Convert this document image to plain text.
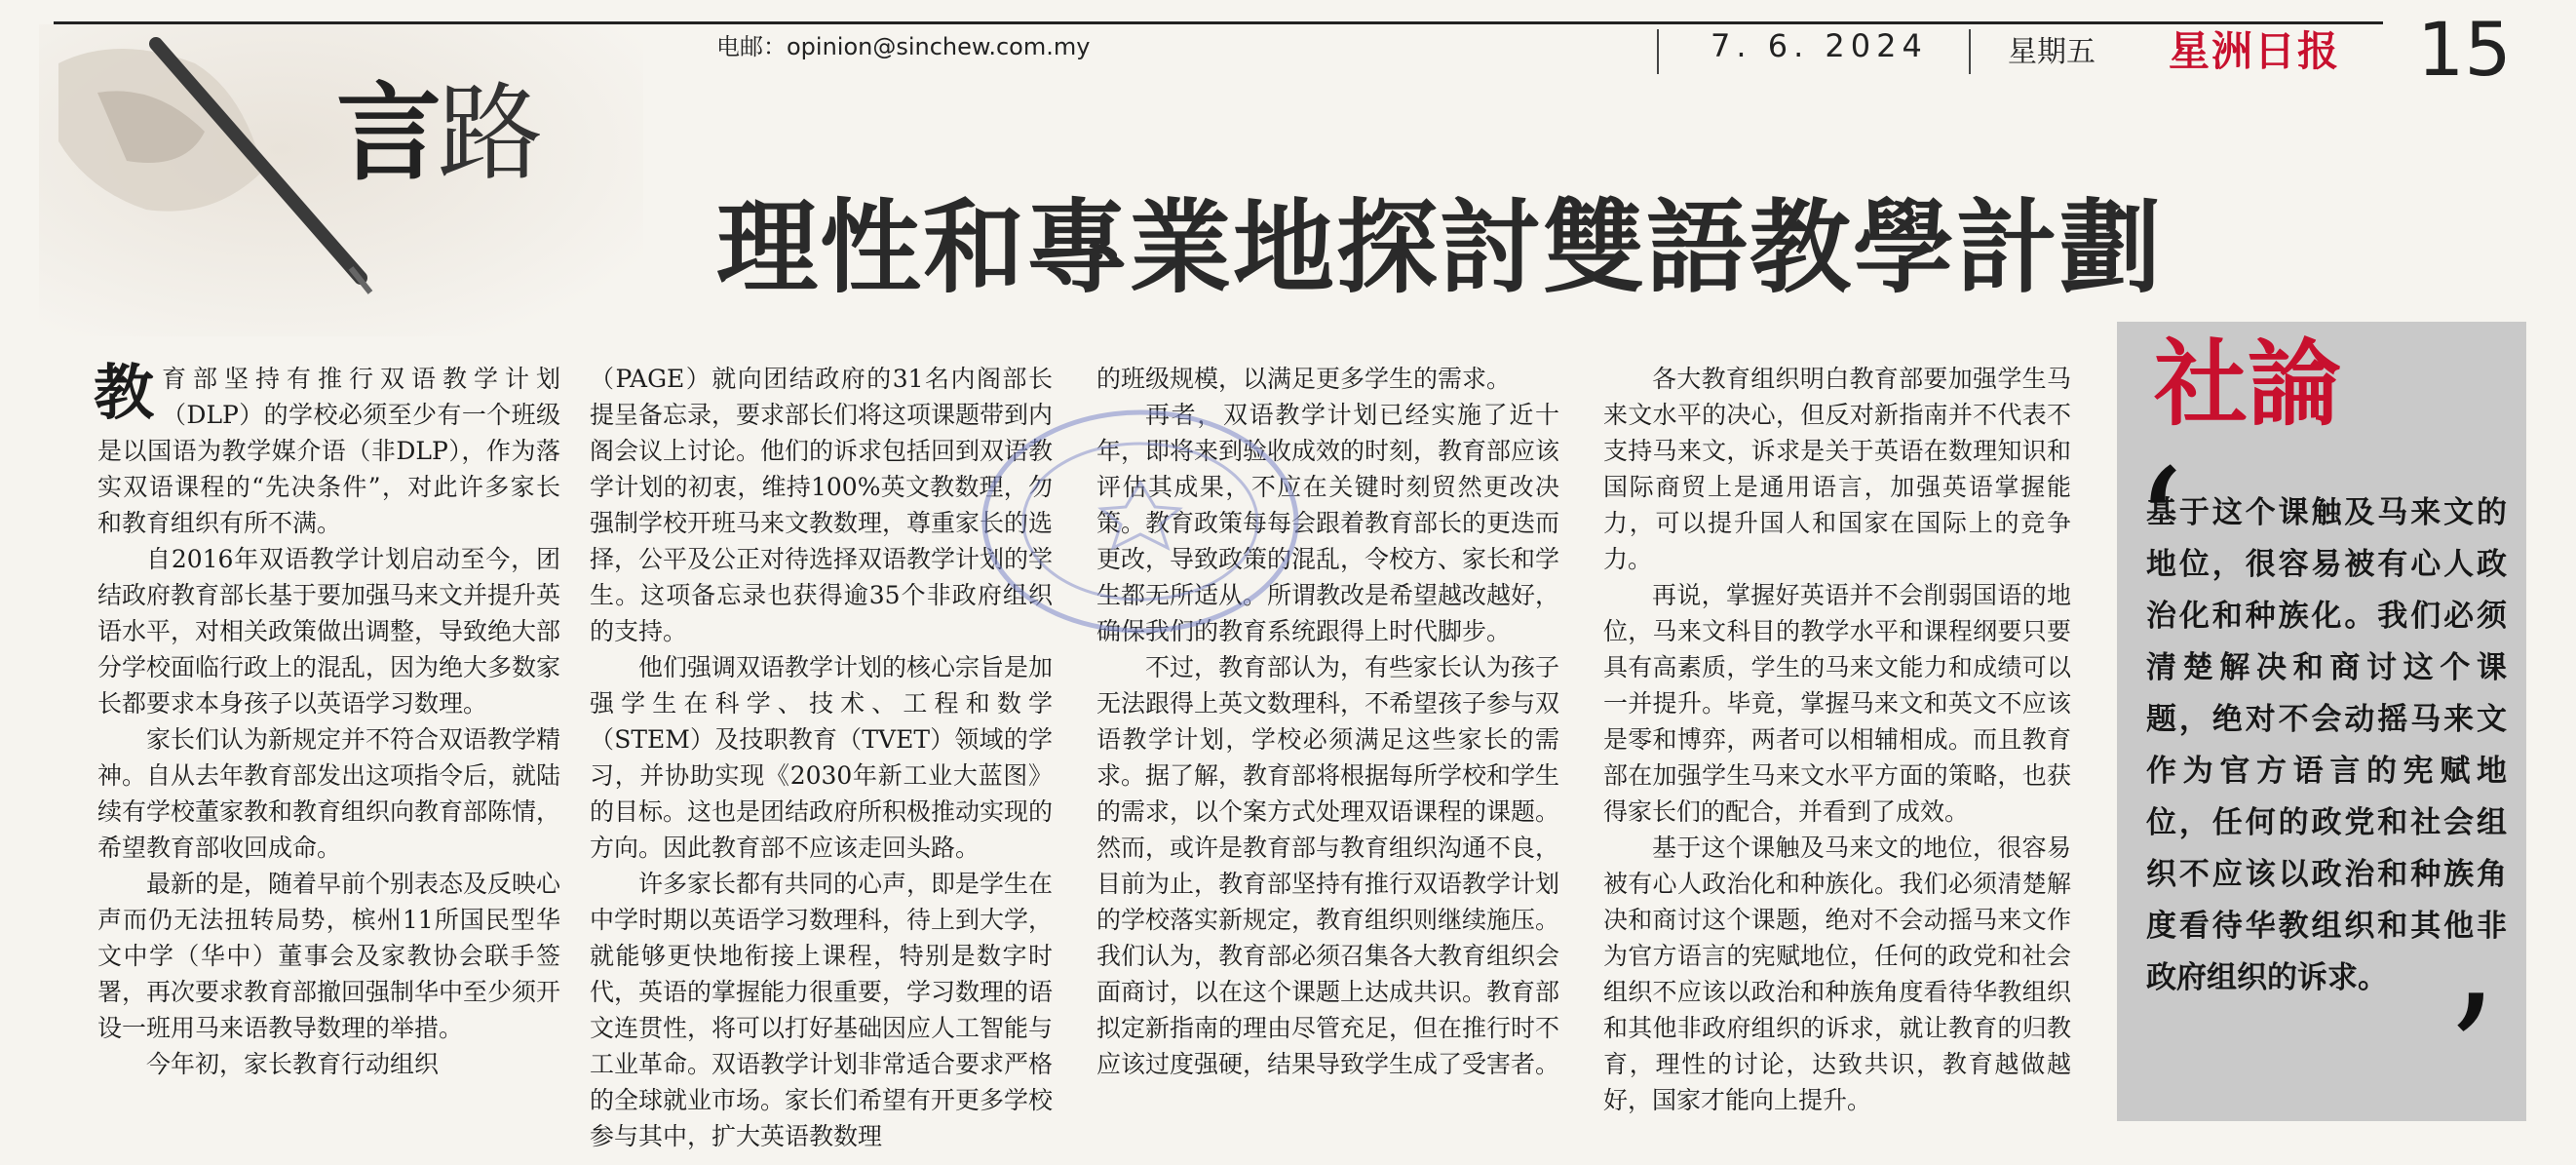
言路
电邮：opinion@sinchew.com.my	7. 6. 2024	星期五 星洲日报 15
理性和專業地探討雙語教學計劃

教育部坚持有推行双语教学计划（DLP）的学校必须至少有一个班级是以国语为教学媒介语（非DLP），作为落实双语课程的“先决条件”，对此许多家长和教育组织有所不满。

自2016年双语教学计划启动至今，团结政府教育部长基于要加强马来文并提升英语水平，对相关政策做出调整，导致绝大部分学校面临行政上的混乱，因为绝大多数家长都要求本身孩子以英语学习数理。

家长们认为新规定并不符合双语教学精神。自从去年教育部发出这项指令后，就陆续有学校董家教和教育组织向教育部陈情，希望教育部收回成命。

最新的是，随着早前个别表态及反映心声而仍无法扭转局势，槟州11所国民型华文中学（华中）董事会及家教协会联手签署，再次要求教育部撤回强制华中至少须开设一班用马来语教导数理的举措。

今年初，家长教育行动组织

（PAGE）就向团结政府的31名内阁部长提呈备忘录，要求部长们将这项课题带到内阁会议上讨论。他们的诉求包括回到双语教学计划的初衷，维持100%英文教数理，勿强制学校开班马来文教数理，尊重家长的选择，公平及公正对待选择双语教学计划的学生。这项备忘录也获得逾35个非政府组织的支持。

他们强调双语教学计划的核心宗旨是加强学生在科学、技术、工程和数学（STEM）及技职教育（TVET）领域的学习，并协助实现《2030年新工业大蓝图》的目标。这也是团结政府所积极推动实现的方向。因此教育部不应该走回头路。

许多家长都有共同的心声，即是学生在中学时期以英语学习数理科，待上到大学，就能够更快地衔接上课程，特别是数字时代，英语的掌握能力很重要，学习数理的语文连贯性，将可以打好基础因应人工智能与工业革命。双语教学计划非常适合要求严格的全球就业市场。家长们希望有开更多学校参与其中，扩大英语教数理

的班级规模，以满足更多学生的需求。

再者，双语教学计划已经实施了近十年，即将来到验收成效的时刻，教育部应该评估其成果，不应在关键时刻贸然更改决策。教育政策每每会跟着教育部长的更迭而更改，导致政策的混乱，令校方、家长和学生都无所适从。所谓教改是希望越改越好，确保我们的教育系统跟得上时代脚步。

不过，教育部认为，有些家长认为孩子无法跟得上英文数理科，不希望孩子参与双语教学计划，学校必须满足这些家长的需求。据了解，教育部将根据每所学校和学生的需求，以个案方式处理双语课程的课题。然而，或许是教育部与教育组织沟通不良，目前为止，教育部坚持有推行双语教学计划的学校落实新规定，教育组织则继续施压。我们认为，教育部必须召集各大教育组织会面商讨，以在这个课题上达成共识。教育部拟定新指南的理由尽管充足，但在推行时不应该过度强硬，结果导致学生成了受害者。

各大教育组织明白教育部要加强学生马来文水平的决心，但反对新指南并不代表不支持马来文，诉求是关于英语在数理知识和国际商贸上是通用语言，加强英语掌握能力，可以提升国人和国家在国际上的竞争力。

再说，掌握好英语并不会削弱国语的地位，马来文科目的教学水平和课程纲要只要具有高素质，学生的马来文能力和成绩可以一并提升。毕竟，掌握马来文和英文不应该是零和博弈，两者可以相辅相成。而且教育部在加强学生马来文水平方面的策略，也获得家长们的配合，并看到了成效。

基于这个课触及马来文的地位，很容易被有心人政治化和种族化。我们必须清楚解决和商讨这个课题，绝对不会动摇马来文作为官方语言的宪赋地位，任何的政党和社会组织不应该以政治和种族角度看待华教组织和其他非政府组织的诉求，就让教育的归教育，理性的讨论，达致共识，教育越做越好，国家才能向上提升。

基于这个课触及马来文的地位，很容易被有心人政治化和种族化。我们必须清楚解决和商讨这个课题，绝对不会动摇马来文作为官方语言的宪赋地位，任何的政党和社会组织不应该以政治和种族角度看待华教组织和其他非政府组织的诉求。
社論
‘
’
